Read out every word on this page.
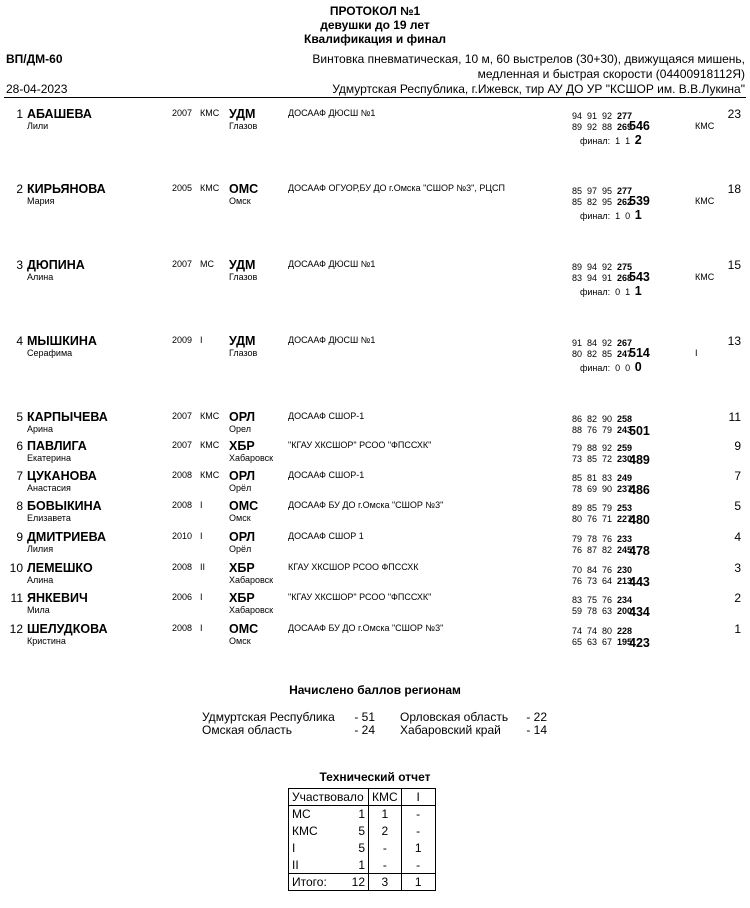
ПРОТОКОЛ №1
девушки до 19 лет
Квалификация и финал
ВП/ДМ-60
28-04-2023
Винтовка пневматическая, 10 м, 60 выстрелов (30+30), движущаяся мишень,
медленная и быстрая скорости (04400918112Я)
Удмуртская Республика, г.Ижевск, тир АУ ДО УР "КСШОР им. В.В.Лукина"
1 АБАШЕВА
Лили
2007 КМС УДМ
Глазов
ДОСААФ ДЮСШ №1	94 91 92 277
89 92 88 269
546	КМС
23
финал: 1 1 2
2 КИРЬЯНОВА
Мария
2005 КМС ОМС
Омск
ДОСААФ ОГУОР,БУ ДО г.Омска "СШОР №3", РЦСП	85 97 95 277
85 82 95 262
539	КМС
18
финал: 1 0 1
3 ДЮПИНА
Алина
2007 МС УДМ
Глазов
ДОСААФ ДЮСШ №1	89 94 92 275
83 94 91 268
543	КМС
15
финал: 0 1 1
4 МЫШКИНА
Серафима
2009 I УДМ
Глазов
ДОСААФ ДЮСШ №1	91 84 92 267
80 82 85 247
514	I
13
финал: 0 0 0
5 КАРПЫЧЕВА
Арина
2007 КМС ОРЛ
Орел
ДОСААФ СШОР-1	86 82 90 258
88 76 79 243
501
11
6 ПАВЛИГА
Екатерина
2007 КМС ХБР
Хабаровск
"КГАУ ХКСШОР" РСОО "ФПССХК"	79 88 92 259
73 85 72 230
489
9
7 ЦУКАНОВА
Анастасия
2008 КМС ОРЛ
Орёл
ДОСААФ СШОР-1	85 81 83 249
78 69 90 237
486
7
8 БОВЫКИНА
Елизавета
2008 I ОМС
Омск
ДОСААФ БУ ДО г.Омска "СШОР №3"	89 85 79 253
80 76 71 227
480
5
9 ДМИТРИЕВА
Лилия
2010 I ОРЛ
Орёл
ДОСААФ СШОР 1	79 78 76 233
76 87 82 245
478
4
10 ЛЕМЕШКО
Алина
2008 II ХБР
Хабаровск
КГАУ ХКСШОР РСОО ФПССХК	70 84 76 230
76 73 64 213
443
3
11 ЯНКЕВИЧ
Мила
2006 I ХБР
Хабаровск
"КГАУ ХКСШОР" РСОО "ФПССХК"	83 75 76 234
59 78 63 200
434
2
12 ШЕЛУДКОВА
Кристина
2008 I ОМС
Омск
ДОСААФ БУ ДО г.Омска "СШОР №3"	74 74 80 228
65 63 67 195
423
1
Начислено баллов регионам
Удмуртская Республика - 51
Омская область	- 24
Орловская область - 22
Хабаровский край - 14
Технический отчет
Участвовало		КМС	I
МС	1	1	-
КМС	5	2	-
I	5	-	1
II	1	-	-
Итого:	12	3	1
